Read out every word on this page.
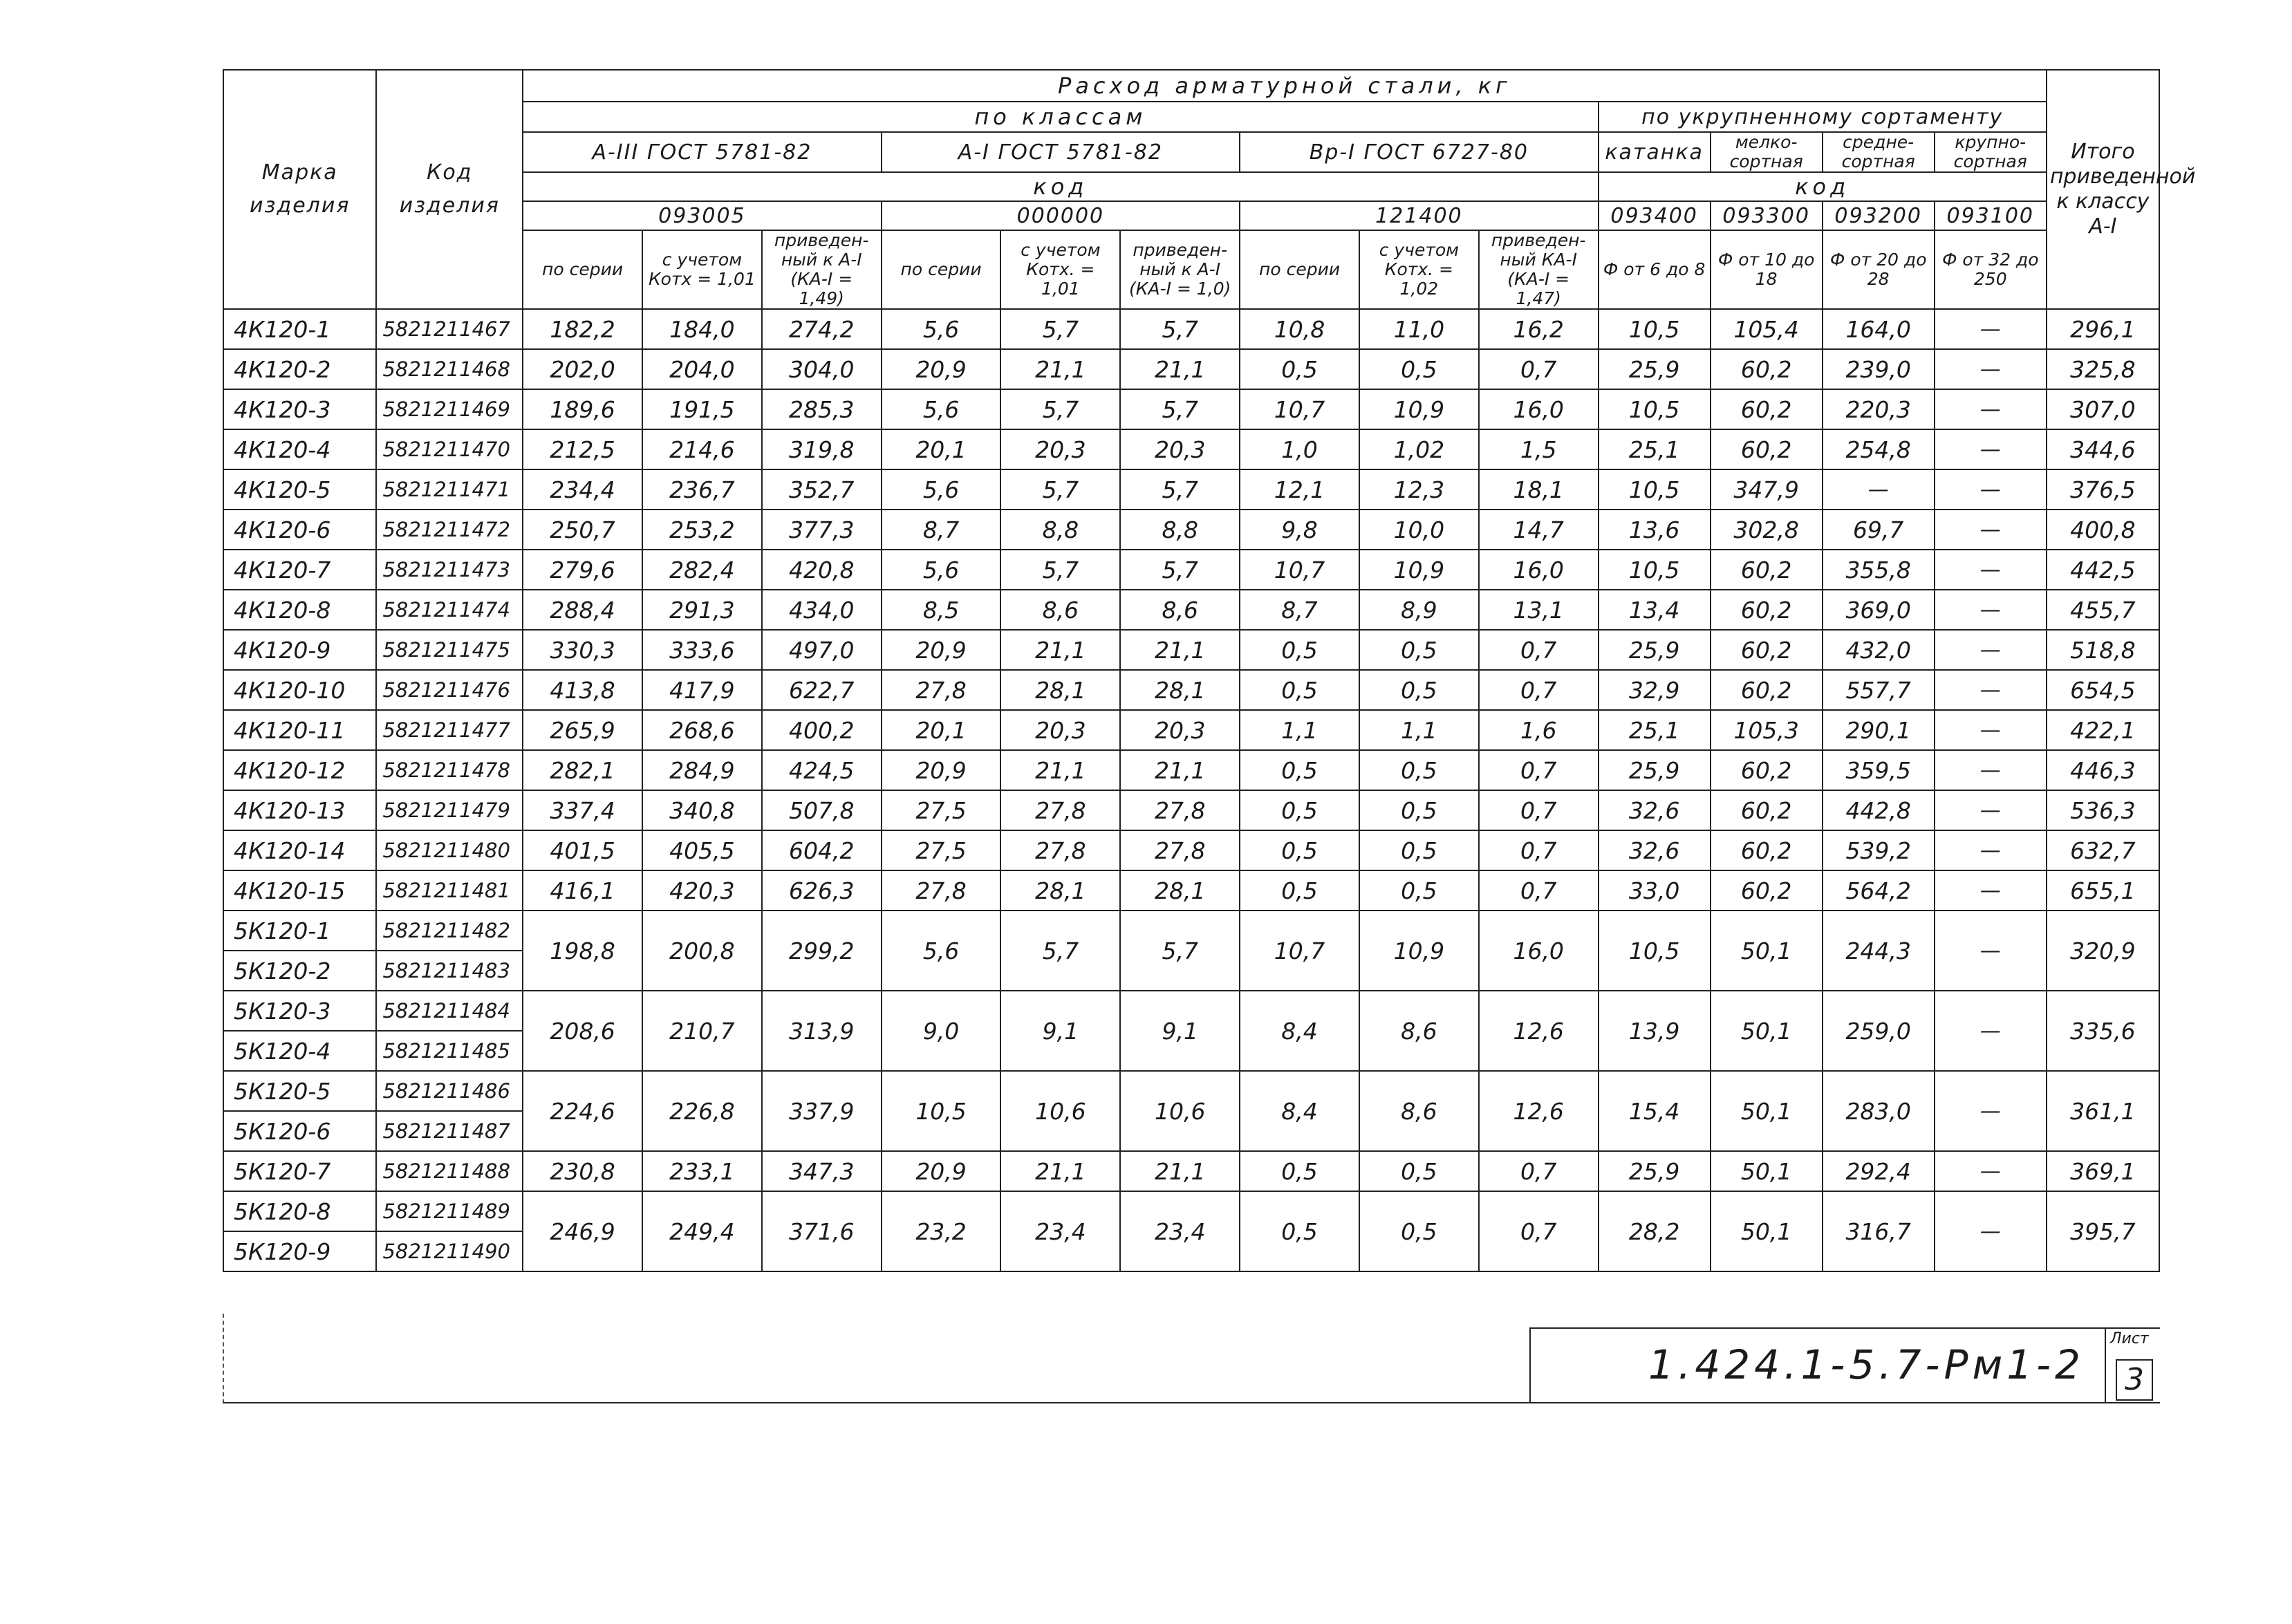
Марка изделия	Код изделия	Расход арматурной стали, кг													Итого приведенной к классу А-I
		по классам									по укрупненному сортаменту				
		А-III ГОСТ 5781-82			А-I ГОСТ 5781-82			Вр-I ГОСТ 6727-80			катанка	мелко-сортная	средне-сортная	крупно-сортная	
		код									код				
		093005			000000			121400			093400	093300	093200	093100	
		по серии	с учетом Котх = 1,01	приведен-ный к А-I (КА-I = 1,49)	по серии	с учетом Котх. = 1,01	приведен-ный к А-I (КА-I = 1,0)	по серии	с учетом Котх. = 1,02	приведен-ный КА-I (КА-I = 1,47)	Ф от 6 до 8	Ф от 10 до 18	Ф от 20 до 28	Ф от 32 до 250	
4К120-1	5821211467	182,2	184,0	274,2	5,6	5,7	5,7	10,8	11,0	16,2	10,5	105,4	164,0	—	296,1
4К120-2	5821211468	202,0	204,0	304,0	20,9	21,1	21,1	0,5	0,5	0,7	25,9	60,2	239,0	—	325,8
4К120-3	5821211469	189,6	191,5	285,3	5,6	5,7	5,7	10,7	10,9	16,0	10,5	60,2	220,3	—	307,0
4К120-4	5821211470	212,5	214,6	319,8	20,1	20,3	20,3	1,0	1,02	1,5	25,1	60,2	254,8	—	344,6
4К120-5	5821211471	234,4	236,7	352,7	5,6	5,7	5,7	12,1	12,3	18,1	10,5	347,9	—	—	376,5
4К120-6	5821211472	250,7	253,2	377,3	8,7	8,8	8,8	9,8	10,0	14,7	13,6	302,8	69,7	—	400,8
4К120-7	5821211473	279,6	282,4	420,8	5,6	5,7	5,7	10,7	10,9	16,0	10,5	60,2	355,8	—	442,5
4К120-8	5821211474	288,4	291,3	434,0	8,5	8,6	8,6	8,7	8,9	13,1	13,4	60,2	369,0	—	455,7
4К120-9	5821211475	330,3	333,6	497,0	20,9	21,1	21,1	0,5	0,5	0,7	25,9	60,2	432,0	—	518,8
4К120-10	5821211476	413,8	417,9	622,7	27,8	28,1	28,1	0,5	0,5	0,7	32,9	60,2	557,7	—	654,5
4К120-11	5821211477	265,9	268,6	400,2	20,1	20,3	20,3	1,1	1,1	1,6	25,1	105,3	290,1	—	422,1
4К120-12	5821211478	282,1	284,9	424,5	20,9	21,1	21,1	0,5	0,5	0,7	25,9	60,2	359,5	—	446,3
4К120-13	5821211479	337,4	340,8	507,8	27,5	27,8	27,8	0,5	0,5	0,7	32,6	60,2	442,8	—	536,3
4К120-14	5821211480	401,5	405,5	604,2	27,5	27,8	27,8	0,5	0,5	0,7	32,6	60,2	539,2	—	632,7
4К120-15	5821211481	416,1	420,3	626,3	27,8	28,1	28,1	0,5	0,5	0,7	33,0	60,2	564,2	—	655,1
5К120-1	5821211482	198,8	200,8	299,2	5,6	5,7	5,7	10,7	10,9	16,0	10,5	50,1	244,3	—	320,9
5К120-2	5821211483														
5К120-3	5821211484	208,6	210,7	313,9	9,0	9,1	9,1	8,4	8,6	12,6	13,9	50,1	259,0	—	335,6
5К120-4	5821211485														
5К120-5	5821211486	224,6	226,8	337,9	10,5	10,6	10,6	8,4	8,6	12,6	15,4	50,1	283,0	—	361,1
5К120-6	5821211487														
5К120-7	5821211488	230,8	233,1	347,3	20,9	21,1	21,1	0,5	0,5	0,7	25,9	50,1	292,4	—	369,1
5К120-8	5821211489	246,9	249,4	371,6	23,2	23,4	23,4	0,5	0,5	0,7	28,2	50,1	316,7	—	395,7
5К120-9	5821211490														
1.424.1-5.7-Рм1-2
Лист
3
